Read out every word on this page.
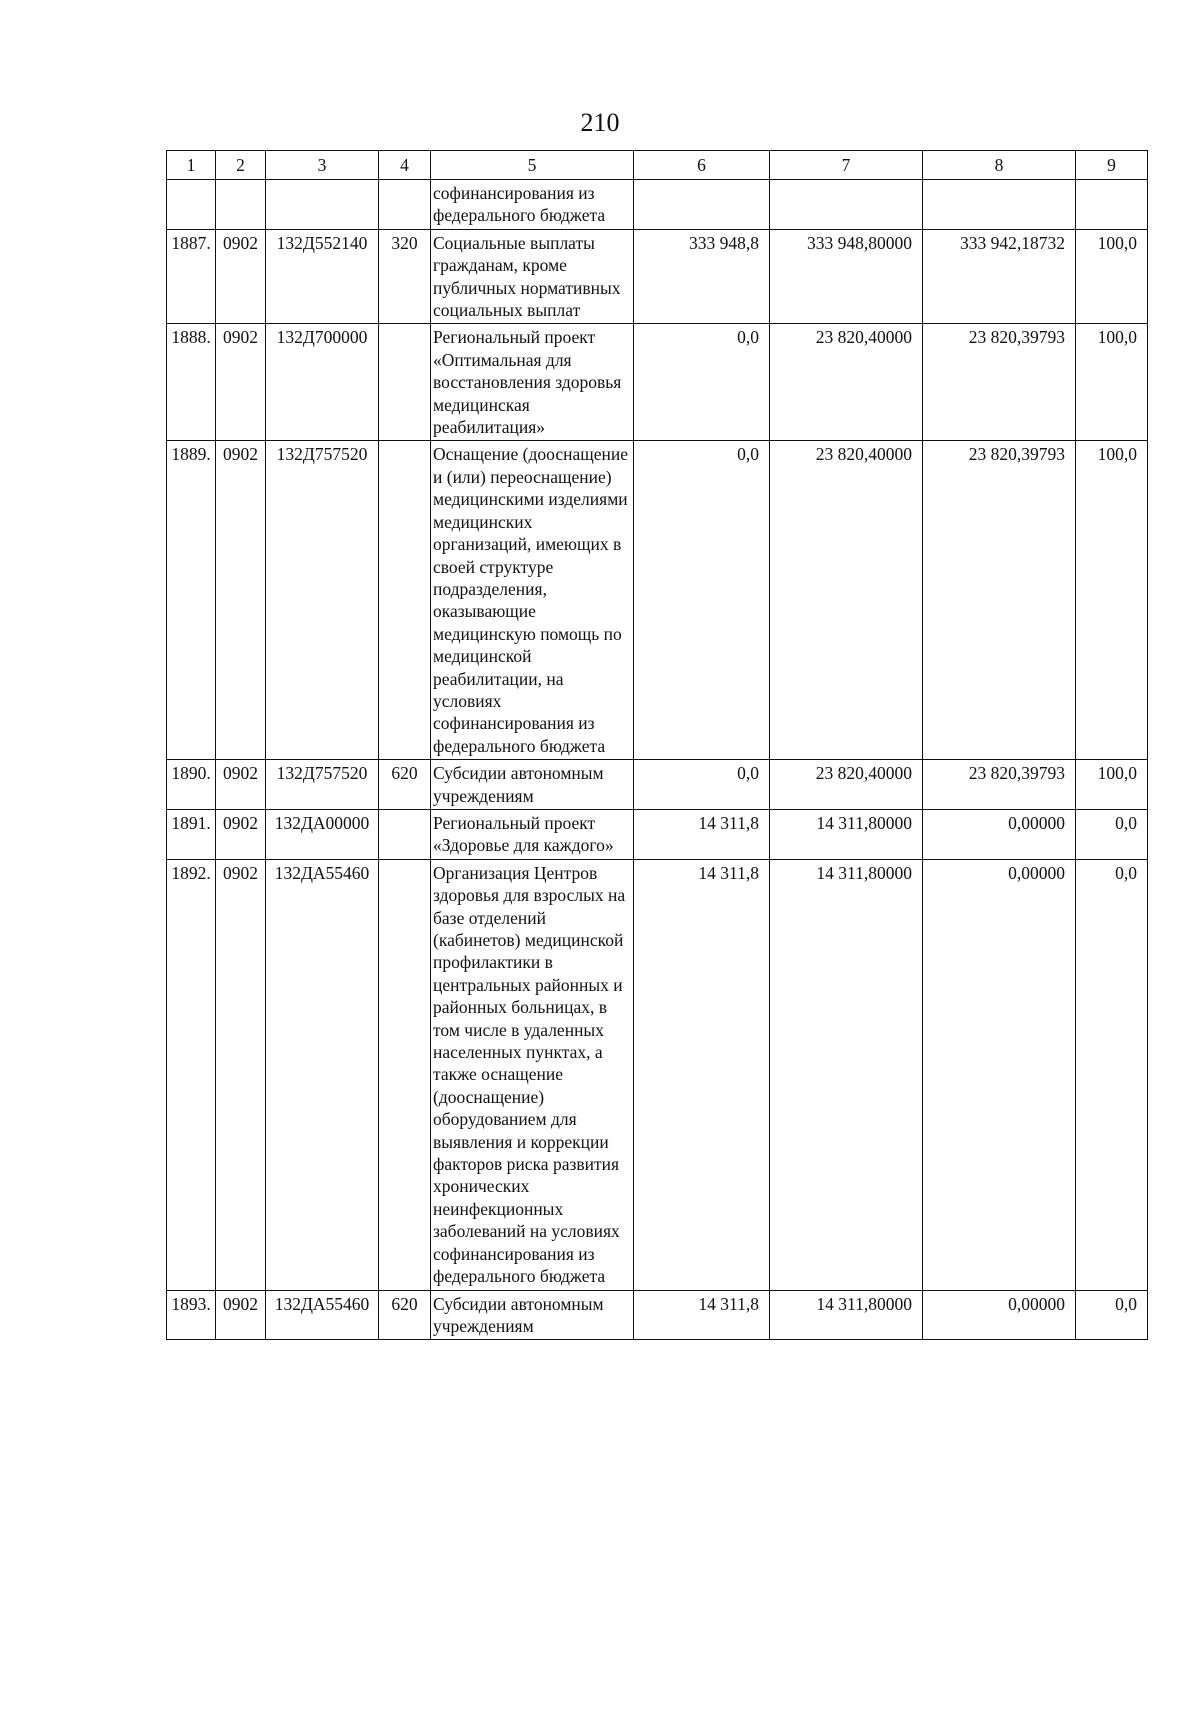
210
1	2	3	4	5	6	7	8	9
				софинансирования из федерального бюджета				
1887.	0902	132Д552140	320	Социальные выплаты гражданам, кроме публичных нормативных социальных выплат	333 948,8	333 948,80000	333 942,18732	100,0
1888.	0902	132Д700000		Региональный проект «Оптимальная для восстановления здоровья медицинская реабилитация»	0,0	23 820,40000	23 820,39793	100,0
1889.	0902	132Д757520		Оснащение (дооснащение и (или) переоснащение) медицинскими изделиями медицинских организаций, имеющих в своей структуре подразделения, оказывающие медицинскую помощь по медицинской реабилитации, на условиях софинансирования из федерального бюджета	0,0	23 820,40000	23 820,39793	100,0
1890.	0902	132Д757520	620	Субсидии автономным учреждениям	0,0	23 820,40000	23 820,39793	100,0
1891.	0902	132ДА00000		Региональный проект «Здоровье для каждого»	14 311,8	14 311,80000	0,00000	0,0
1892.	0902	132ДА55460		Организация Центров здоровья для взрослых на базе отделений (кабинетов) медицинской профилактики в центральных районных и районных больницах, в том числе в удаленных населенных пунктах, а также оснащение (дооснащение) оборудованием для выявления и коррекции факторов риска развития хронических неинфекционных заболеваний на условиях софинансирования из федерального бюджета	14 311,8	14 311,80000	0,00000	0,0
1893.	0902	132ДА55460	620	Субсидии автономным учреждениям	14 311,8	14 311,80000	0,00000	0,0
